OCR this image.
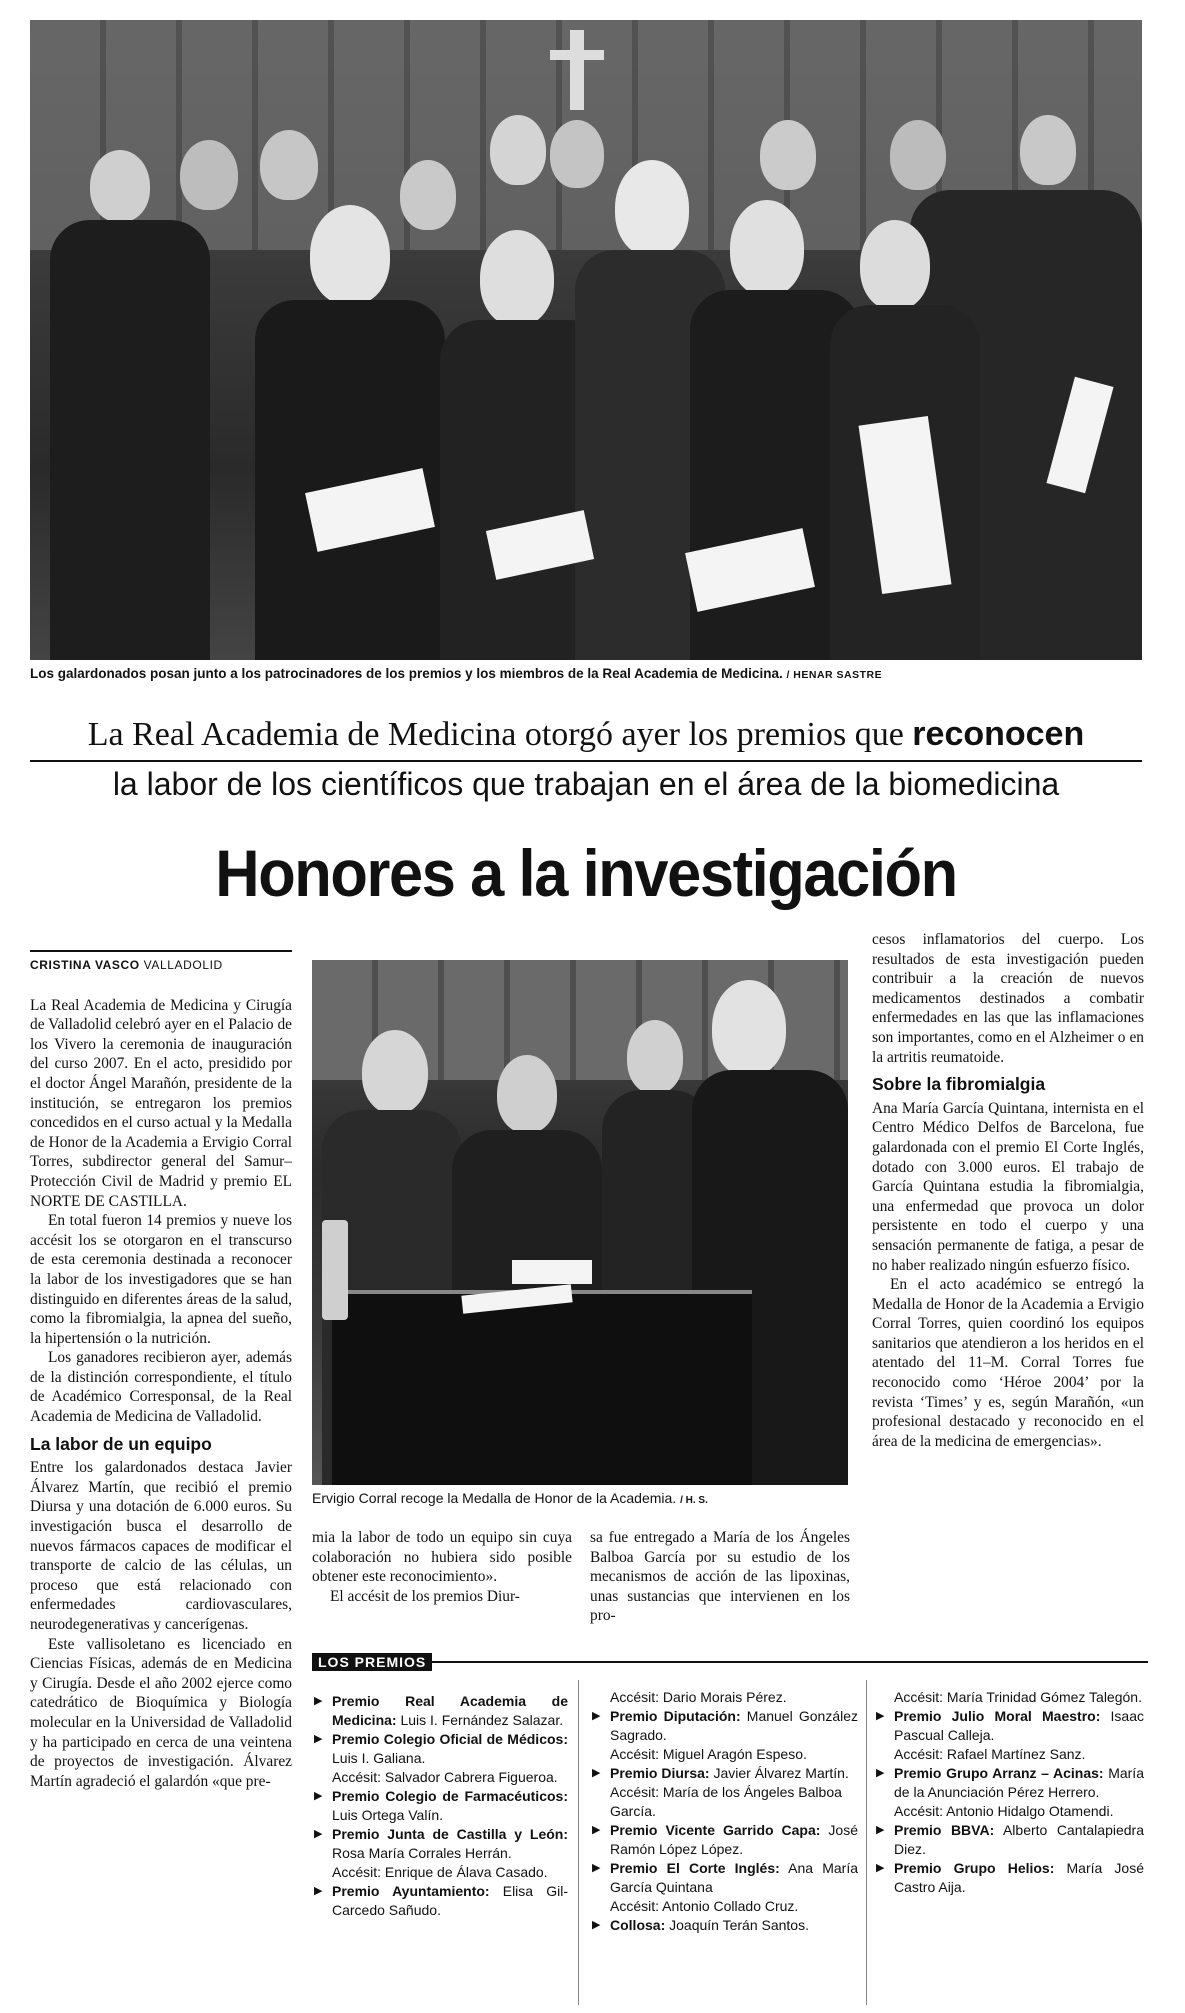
Los galardonados posan junto a los patrocinadores de los premios y los miembros de la Real Academia de Medicina. / HENAR SASTRE
La Real Academia de Medicina otorgó ayer los premios que reconocen
la labor de los científicos que trabajan en el área de la biomedicina
Honores a la investigación
CRISTINA VASCO VALLADOLID

La Real Academia de Medicina y Cirugía de Valladolid celebró ayer en el Palacio de los Vivero la ceremonia de inauguración del curso 2007. En el acto, presidido por el doctor Ángel Marañón, presidente de la institución, se entregaron los premios concedidos en el curso actual y la Medalla de Honor de la Academia a Ervigio Corral Torres, subdirector general del Samur–Protección Civil de Madrid y premio EL NORTE DE CASTILLA.

En total fueron 14 premios y nueve los accésit los se otorgaron en el transcurso de esta ceremonia destinada a reconocer la labor de los investigadores que se han distinguido en diferentes áreas de la salud, como la fibromialgia, la apnea del sueño, la hipertensión o la nutrición.

Los ganadores recibieron ayer, además de la distinción correspondiente, el título de Académico Corresponsal, de la Real Academia de Medicina de Valladolid.

La labor de un equipo

Entre los galardonados destaca Javier Álvarez Martín, que recibió el premio Diursa y una dotación de 6.000 euros. Su investigación busca el desarrollo de nuevos fármacos capaces de modificar el transporte de calcio de las células, un proceso que está relacionado con enfermedades cardiovasculares, neurodegenerativas y cancerígenas.

Este vallisoletano es licenciado en Ciencias Físicas, además de en Medicina y Cirugía. Desde el año 2002 ejerce como catedrático de Bioquímica y Biología molecular en la Universidad de Valladolid y ha participado en cerca de una veintena de proyectos de investigación. Álvarez Martín agradeció el galardón «que pre-

Ervigio Corral recoge la Medalla de Honor de la Academia. / H. S.

mia la labor de todo un equipo sin cuya colaboración no hubiera sido posible obtener este reconocimiento».

El accésit de los premios Diur-

sa fue entregado a María de los Ángeles Balboa García por su estudio de los mecanismos de acción de las lipoxinas, unas sustancias que intervienen en los pro-

cesos inflamatorios del cuerpo. Los resultados de esta investigación pueden contribuir a la creación de nuevos medicamentos destinados a combatir enfermedades en las que las inflamaciones son importantes, como en el Alzheimer o en la artritis reumatoide.

Sobre la fibromialgia

Ana María García Quintana, internista en el Centro Médico Delfos de Barcelona, fue galardonada con el premio El Corte Inglés, dotado con 3.000 euros. El trabajo de García Quintana estudia la fibromialgia, una enfermedad que provoca un dolor persistente en todo el cuerpo y una sensación permanente de fatiga, a pesar de no haber realizado ningún esfuerzo físico.

En el acto académico se entregó la Medalla de Honor de la Academia a Ervigio Corral Torres, quien coordinó los equipos sanitarios que atendieron a los heridos en el atentado del 11–M. Corral Torres fue reconocido como ‘Héroe 2004’ por la revista ‘Times’ y es, según Marañón, «un profesional destacado y reconocido en el área de la medicina de emergencias».

LOS PREMIOS
▶ Premio Real Academia de Medicina: Luis I. Fernández Salazar.
▶ Premio Colegio Oficial de Médicos: Luis I. Galiana.
Accésit: Salvador Cabrera Figueroa.
▶ Premio Colegio de Farmacéuticos: Luis Ortega Valín.
▶ Premio Junta de Castilla y León: Rosa María Corrales Herrán.
Accésit: Enrique de Álava Casado.
▶ Premio Ayuntamiento: Elisa Gil-Carcedo Sañudo.
Accésit: Dario Morais Pérez.
▶ Premio Diputación: Manuel González Sagrado.
Accésit: Miguel Aragón Espeso.
▶ Premio Diursa: Javier Álvarez Martín.
Accésit: María de los Ángeles Balboa García.
▶ Premio Vicente Garrido Capa: José Ramón López López.
▶ Premio El Corte Inglés: Ana María García Quintana
Accésit: Antonio Collado Cruz.
▶ Collosa: Joaquín Terán Santos.
Accésit: María Trinidad Gómez Talegón.
▶ Premio Julio Moral Maestro: Isaac Pascual Calleja.
Accésit: Rafael Martínez Sanz.
▶ Premio Grupo Arranz – Acinas: María de la Anunciación Pérez Herrero.
Accésit: Antonio Hidalgo Otamendi.
▶ Premio BBVA: Alberto Cantalapiedra Diez.
▶ Premio Grupo Helios: María José Castro Aija.
